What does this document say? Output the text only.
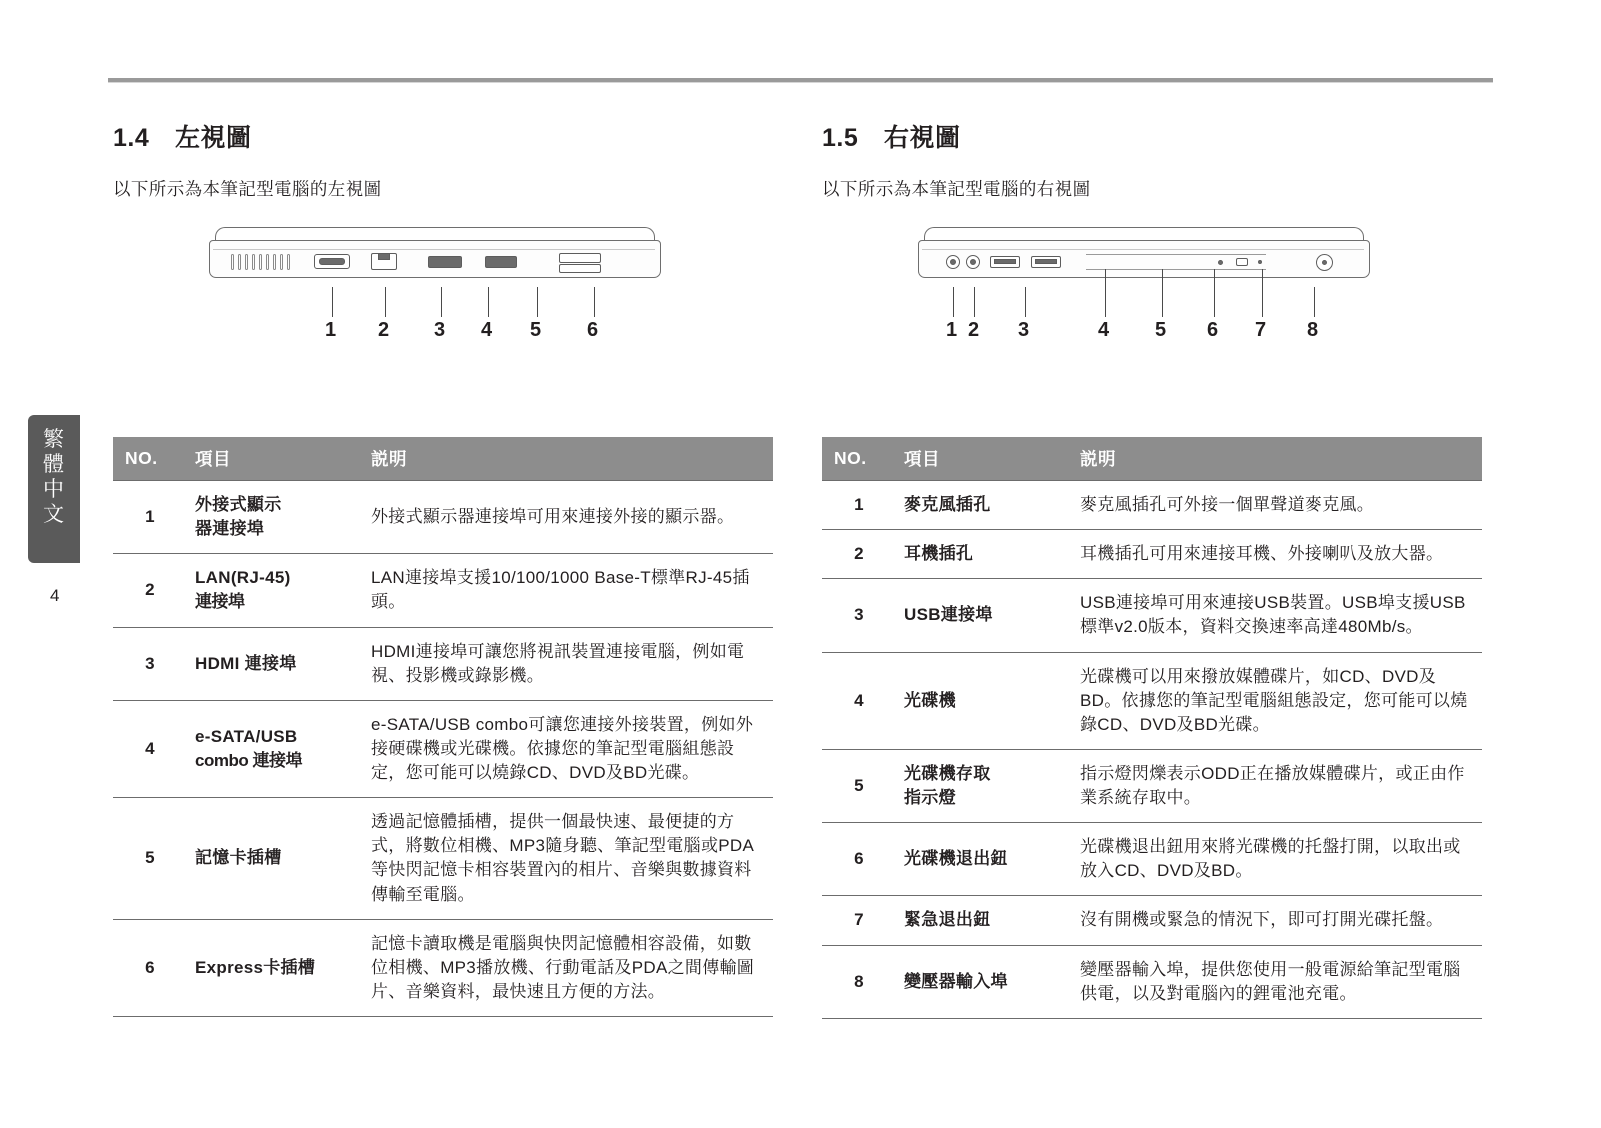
繁
體
中
文
4
1.4 左視圖

以下所示為本筆記型電腦的左視圖

1 2 3 4 5 6
NO.	項目	説明
1	外接式顯示
器連接埠	外接式顯示器連接埠可用來連接外接的顯示器。
2	LAN(RJ-45)
連接埠	LAN連接埠支援10/100/1000 Base-T標準RJ-45插頭。
3	HDMI 連接埠	HDMI連接埠可讓您將視訊裝置連接電腦，例如電視、投影機或錄影機。
4	e-SATA/USB
combo 連接埠	e-SATA/USB combo可讓您連接外接裝置，例如外接硬碟機或光碟機。依據您的筆記型電腦組態設定，您可能可以燒錄CD、DVD及BD光碟。
5	記憶卡插槽	透過記憶體插槽，提供一個最快速、最便捷的方式，將數位相機、MP3隨身聽、筆記型電腦或PDA等快閃記憶卡相容裝置內的相片、音樂與數據資料傳輸至電腦。
6	Express卡插槽	記憶卡讀取機是電腦與快閃記憶體相容設備，如數位相機、MP3播放機、行動電話及PDA之間傳輸圖片、音樂資料，最快速且方便的方法。
1.5 右視圖

以下所示為本筆記型電腦的右視圖

1 2 3	4 5 6 7 8
NO.	項目	説明
1	麥克風插孔	麥克風插孔可外接一個單聲道麥克風。
2	耳機插孔	耳機插孔可用來連接耳機、外接喇叭及放大器。
3	USB連接埠	USB連接埠可用來連接USB裝置。USB埠支援USB標準v2.0版本，資料交換速率高達480Mb/s。
4	光碟機	光碟機可以用來撥放媒體碟片，如CD、DVD及BD。依據您的筆記型電腦組態設定，您可能可以燒錄CD、DVD及BD光碟。
5	光碟機存取
指示燈	指示燈閃爍表示ODD正在播放媒體碟片，或正由作業系統存取中。
6	光碟機退出鈕	光碟機退出鈕用來將光碟機的托盤打開，以取出或放入CD、DVD及BD。
7	緊急退出鈕	沒有開機或緊急的情況下，即可打開光碟托盤。
8	變壓器輸入埠	變壓器輸入埠，提供您使用一般電源給筆記型電腦供電，以及對電腦內的鋰電池充電。
